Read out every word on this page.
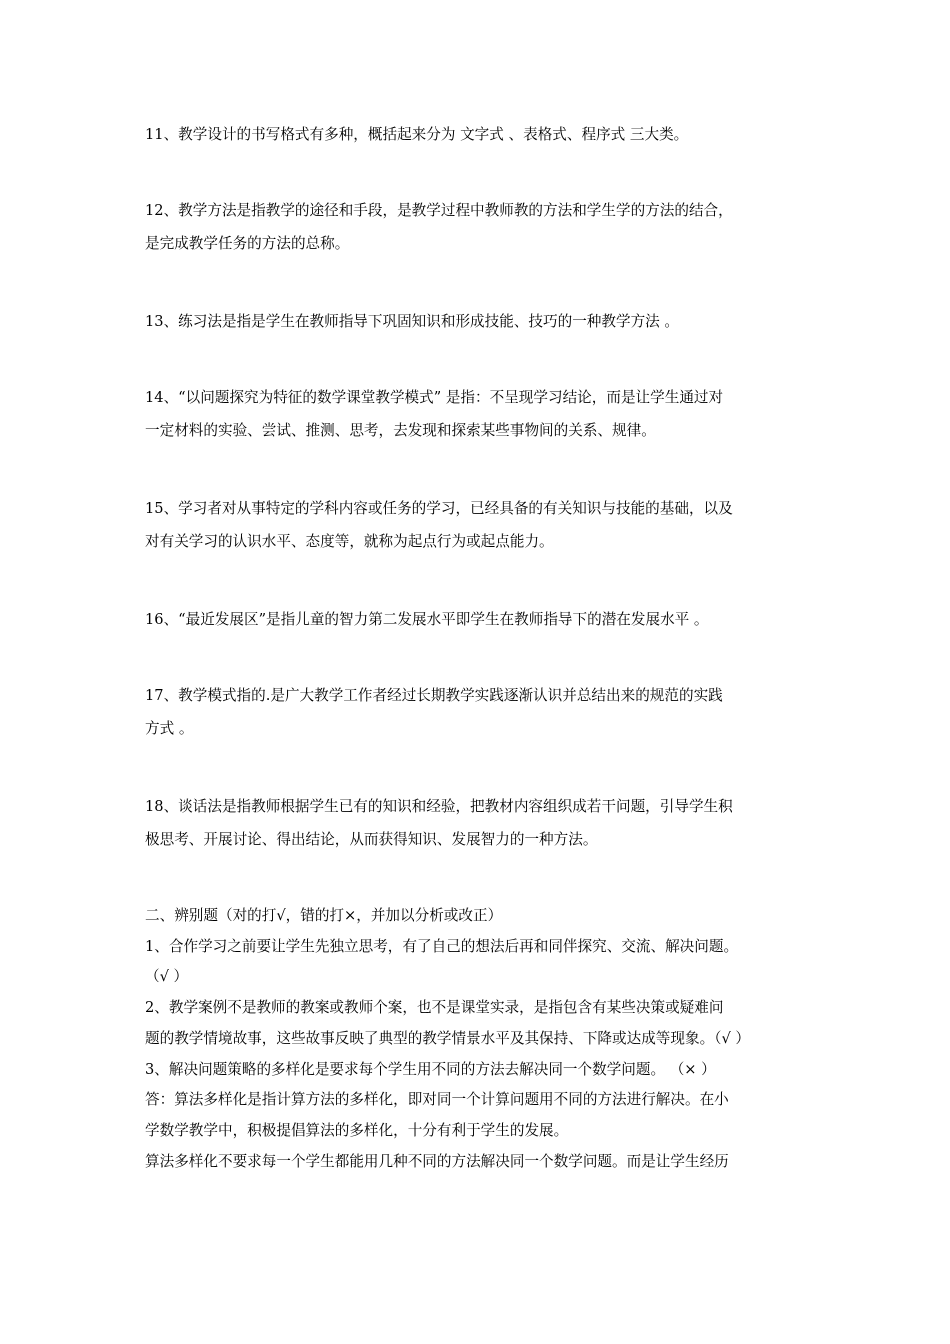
11、教学设计的书写格式有多种，概括起来分为 文字式 、表格式、程序式 三大类。
12、教学方法是指教学的途径和手段，是教学过程中教师教的方法和学生学的方法的结合，
是完成教学任务的方法的总称。
13、练习法是指是学生在教师指导下巩固知识和形成技能、技巧的一种教学方法 。
14、“以问题探究为特征的数学课堂教学模式” 是指：不呈现学习结论，而是让学生通过对
一定材料的实验、尝试、推测、思考，去发现和探索某些事物间的关系、规律。
15、学习者对从事特定的学科内容或任务的学习，已经具备的有关知识与技能的基础，以及
对有关学习的认识水平、态度等，就称为起点行为或起点能力。
16、“最近发展区”是指儿童的智力第二发展水平即学生在教师指导下的潜在发展水平 。
17、教学模式指的.是广大教学工作者经过长期教学实践逐渐认识并总结出来的规范的实践
方式 。
18、谈话法是指教师根据学生已有的知识和经验，把教材内容组织成若干问题，引导学生积
极思考、开展讨论、得出结论，从而获得知识、发展智力的一种方法。
二、辨别题（对的打√，错的打×，并加以分析或改正）
1、合作学习之前要让学生先独立思考，有了自己的想法后再和同伴探究、交流、解决问题。
（√ ）
2、教学案例不是教师的教案或教师个案，也不是课堂实录，是指包含有某些决策或疑难问
题的教学情境故事，这些故事反映了典型的教学情景水平及其保持、下降或达成等现象。（√ ）
3、解决问题策略的多样化是要求每个学生用不同的方法去解决同一个数学问题。 （× ）
答：算法多样化是指计算方法的多样化，即对同一个计算问题用不同的方法进行解决。在小
学数学教学中，积极提倡算法的多样化，十分有利于学生的发展。
算法多样化不要求每一个学生都能用几种不同的方法解决同一个数学问题。而是让学生经历
